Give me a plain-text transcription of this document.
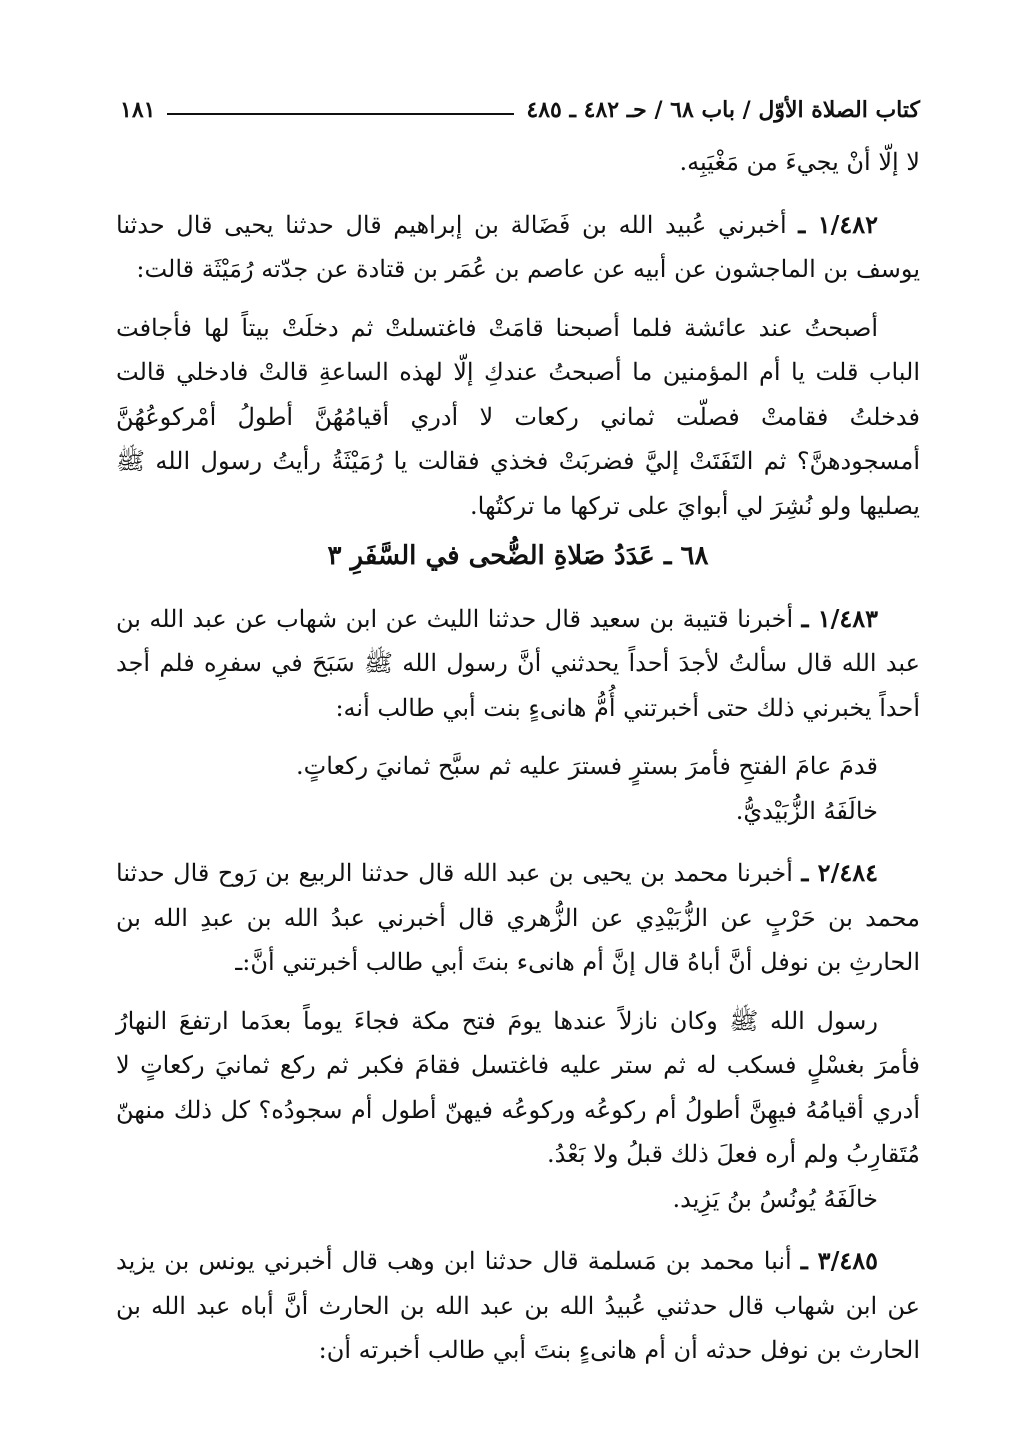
كتاب الصلاة الأوّل / باب ٦٨ / حـ ٤٨٢ ـ ٤٨٥
١٨١

لا إلّا أنْ يجيءَ من مَغْيَبِه.

١/٤٨٢ ـ أخبرني عُبيد الله بن فَضَالة بن إبراهيم قال حدثنا يحيى قال حدثنا يوسف بن الماجشون عن أبيه عن عاصم بن عُمَر بن قتادة عن جدّته رُمَيْثَة قالت:

أصبحتُ عند عائشة فلما أصبحنا قامَتْ فاغتسلتْ ثم دخلَتْ بيتاً لها فأجافت الباب قلت يا أم المؤمنين ما أصبحتُ عندكِ إلّا لهذه الساعةِ قالتْ فادخلي قالت فدخلتُ فقامتْ فصلّت ثماني ركعات لا أدري أقيامُهُنَّ أطولُ أمْركوعُهُنَّ أمسجودهنَّ؟ ثم التَفَتَتْ إليَّ فضربَتْ فخذي فقالت يا رُمَيْثَةُ رأيتُ رسول الله ﷺ يصليها ولو نُشِرَ لي أبوايَ على تركها ما تركتُها.

٦٨ ـ عَدَدُ صَلاةِ الضُّحى في السَّفَرِ ٣

١/٤٨٣ ـ أخبرنا قتيبة بن سعيد قال حدثنا الليث عن ابن شهاب عن عبد الله بن عبد الله قال سألتُ لأجدَ أحداً يحدثني أنَّ رسول الله ﷺ سَبَحَ في سفرِه فلم أجد أحداً يخبرني ذلك حتى أخبرتني أُمُّ هانىءٍ بنت أبي طالب أنه:

قدمَ عامَ الفتحِ فأمرَ بسترٍ فسترَ عليه ثم سبَّح ثمانيَ ركعاتٍ.

خالَفَهُ الزُّبَيْديُّ.

٢/٤٨٤ ـ أخبرنا محمد بن يحيى بن عبد الله قال حدثنا الربيع بن رَوح قال حدثنا محمد بن حَرْبٍ عن الزُّبَيْدِي عن الزُّهري قال أخبرني عبدُ الله بن عبدِ الله بن الحارثِ بن نوفل أنَّ أباهُ قال إنَّ أم هانىء بنتَ أبي طالب أخبرتني أنَّ:ـ

رسول الله ﷺ وكان نازلاً عندها يومَ فتح مكة فجاءَ يوماً بعدَما ارتفعَ النهارُ فأمرَ بغسْلٍ فسكب له ثم ستر عليه فاغتسل فقامَ فكبر ثم ركع ثمانيَ ركعاتٍ لا أدري أقيامُهُ فيهِنَّ أطولُ أم ركوعُه وركوعُه فيهنّ أطول أم سجودُه؟ كل ذلك منهنّ مُتَقارِبُ ولم أره فعلَ ذلك قبلُ ولا بَعْدُ.

خالَفَهُ يُونُسُ بنُ يَزِيد.

٣/٤٨٥ ـ أنبا محمد بن مَسلمة قال حدثنا ابن وهب قال أخبرني يونس بن يزيد عن ابن شهاب قال حدثني عُبيدُ الله بن عبد الله بن الحارث أنَّ أباه عبد الله بن الحارث بن نوفل حدثه أن أم هانىءٍ بنتَ أبي طالب أخبرته أن:
